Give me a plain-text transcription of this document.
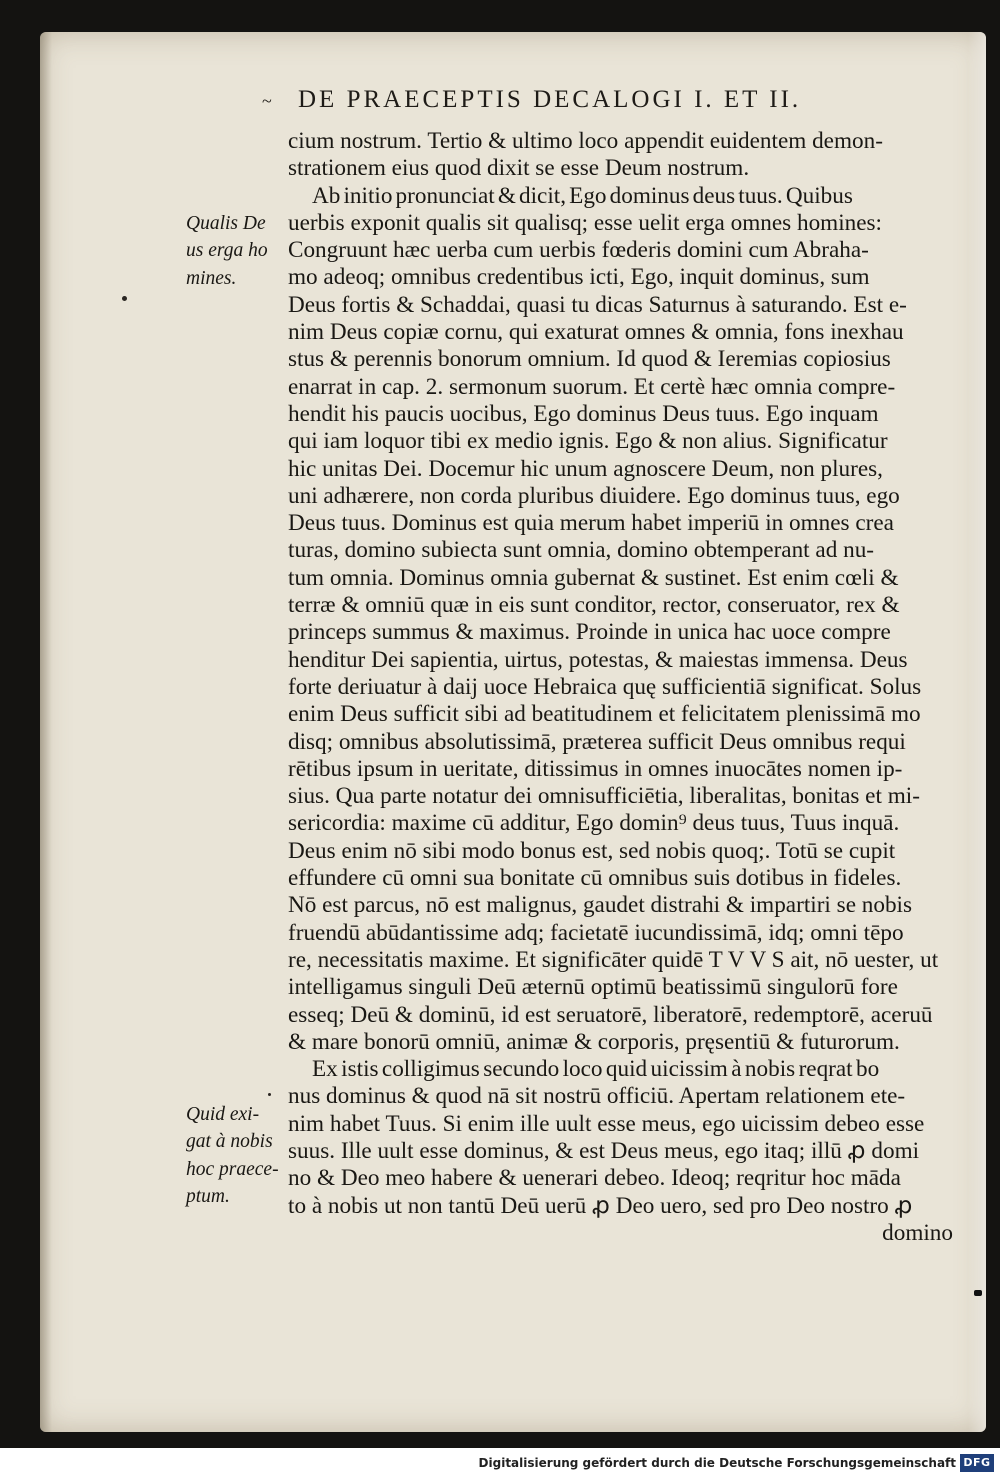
~ DE PRAECEPTIS DECALOGI I. ET II.
Qualis De
us erga ho
mines.
Quid exi-
gat à nobis
hoc praece-
ptum.
cium nostrum. Tertio & ultimo loco appendit euidentem demon-
strationem eius quod dixit se esse Deum nostrum.
Ab initio pronunciat & dicit, Ego dominus deus tuus. Quibus
uerbis exponit qualis sit qualisq; esse uelit erga omnes homines:
Congruunt hæc uerba cum uerbis fœderis domini cum Abraha-
mo adeoq; omnibus credentibus icti, Ego, inquit dominus, sum
Deus fortis & Schaddai, quasi tu dicas Saturnus à saturando. Est e-
nim Deus copiæ cornu, qui exaturat omnes & omnia, fons inexhau
stus & perennis bonorum omnium. Id quod & Ieremias copiosius
enarrat in cap. 2. sermonum suorum. Et certè hæc omnia compre-
hendit his paucis uocibus, Ego dominus Deus tuus. Ego inquam
qui iam loquor tibi ex medio ignis. Ego & non alius. Significatur
hic unitas Dei. Docemur hic unum agnoscere Deum, non plures,
uni adhærere, non corda pluribus diuidere. Ego dominus tuus, ego
Deus tuus. Dominus est quia merum habet imperiū in omnes crea
turas, domino subiecta sunt omnia, domino obtemperant ad nu-
tum omnia. Dominus omnia gubernat & sustinet. Est enim cœli &
terræ & omniū quæ in eis sunt conditor, rector, conseruator, rex &
princeps summus & maximus. Proinde in unica hac uoce compre
henditur Dei sapientia, uirtus, potestas, & maiestas immensa. Deus
forte deriuatur à daij uoce Hebraica quę sufficientiā significat. Solus
enim Deus sufficit sibi ad beatitudinem et felicitatem plenissimā mo
disq; omnibus absolutissimā, prætereа sufficit Deus omnibus requi
rētibus ipsum in ueritate, ditissimus in omnes inuocātes nomen ip-
sius. Qua parte notatur dei omnisufficiētia, liberalitas, bonitas et mi-
sericordia: maxime cū additur, Ego domin⁹ deus tuus, Tuus inquā.
Deus enim nō sibi modo bonus est, sed nobis quoq;. Totū se cupit
effundere cū omni sua bonitate cū omnibus suis dotibus in fideles.
Nō est parcus, nō est malignus, gaudet distrahi & impartiri se nobis
fruendū abūdantissime adq; facietatē iucundissimā, idq; omni tēpo
re, necessitatis maxime. Et significāter quidē T V V S ait, nō uester, ut
intelligamus singuli Deū æternū optimū beatissimū singulorū fore
esseq; Deū & dominū, id est seruatorē, liberatorē, redemptorē, aceruū
& mare bonorū omniū, animæ & corporis, pręsentiū & futurorum.
Ex istis colligimus secundo loco quid uicissim à nobis reqrat bo
nus dominus & quod nā sit nostrū officiū. Apertam relationem ete-
nim habet Tuus. Si enim ille uult esse meus, ego uicissim debeo esse
suus. Ille uult esse dominus, & est Deus meus, ego itaq; illū ꝓ domi
no & Deo meo habere & uenerari debeo. Ideoq; reqritur hoc māda
to à nobis ut non tantū Deū uerū ꝓ Deo uero, sed pro Deo nostro ꝓ
domino
Digitalisierung gefördert durch die Deutsche Forschungsgemeinschaft DFG
